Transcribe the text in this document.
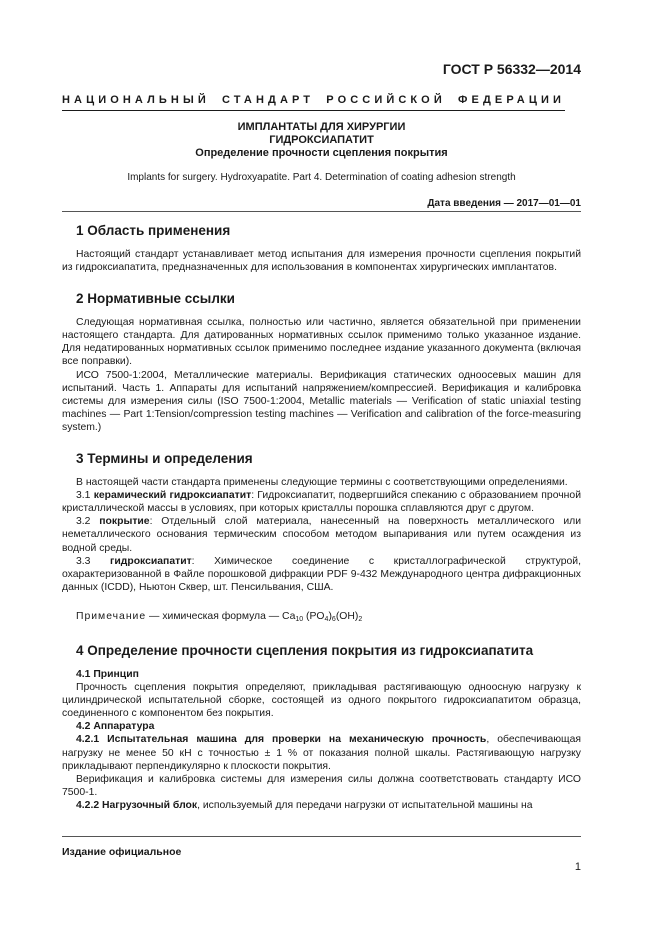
ГОСТ Р 56332—2014
НАЦИОНАЛЬНЫЙ СТАНДАРТ РОССИЙСКОЙ ФЕДЕРАЦИИ
ИМПЛАНТАТЫ ДЛЯ ХИРУРГИИ
ГИДРОКСИАПАТИТ
Определение прочности сцепления покрытия
Implants for surgery. Hydroxyapatite. Part 4. Determination of coating adhesion strength
Дата введения — 2017—01—01
1 Область применения

Настоящий стандарт устанавливает метод испытания для измерения прочности сцепления покрытий из гидроксиапатита, предназначенных для использования в компонентах хирургических имплантатов.

2 Нормативные ссылки

Следующая нормативная ссылка, полностью или частично, является обязательной при применении настоящего стандарта. Для датированных нормативных ссылок применимо только указанное издание. Для недатированных нормативных ссылок применимо последнее издание указанного документа (включая все поправки).

ИСО 7500-1:2004, Металлические материалы. Верификация статических одноосевых машин для испытаний. Часть 1. Аппараты для испытаний напряжением/компрессией. Верификация и калибровка системы для измерения силы (ISO 7500-1:2004, Metallic materials — Verification of static uniaxial testing machines — Part 1:Tension/compression testing machines — Verification and calibration of the force-measuring system.)

3 Термины и определения

В настоящей части стандарта применены следующие термины с соответствующими определениями.

3.1 керамический гидроксиапатит: Гидроксиапатит, подвергшийся спеканию с образованием прочной кристаллической массы в условиях, при которых кристаллы порошка сплавляются друг с другом.

3.2 покрытие: Отдельный слой материала, нанесенный на поверхность металлического или неметаллического основания термическим способом методом выпаривания или путем осаждения из водной среды.

3.3 гидроксиапатит: Химическое соединение с кристаллографической структурой, охарактеризованной в Файле порошковой дифракции PDF 9-432 Международного центра дифракционных данных (ICDD), Ньютон Сквер, шт. Пенсильвания, США.

Примечание — химическая формула — $Ca_{10}$ $(PO_4)_6(OH)_2$

4 Определение прочности сцепления покрытия из гидроксиапатита
4.1 Принцип

Прочность сцепления покрытия определяют, прикладывая растягивающую одноосную нагрузку к цилиндрической испытательной сборке, состоящей из одного покрытого гидроксиапатитом образца, соединенного с компонентом без покрытия.

4.2 Аппаратура

4.2.1 Испытательная машина для проверки на механическую прочность, обеспечивающая нагрузку не менее 50 кН с точностью ± 1 % от показания полной шкалы. Растягивающую нагрузку прикладывают перпендикулярно к плоскости покрытия.

Верификация и калибровка системы для измерения силы должна соответствовать стандарту ИСО 7500-1.

4.2.2 Нагрузочный блок, используемый для передачи нагрузки от испытательной машины на

Издание официальное
1
